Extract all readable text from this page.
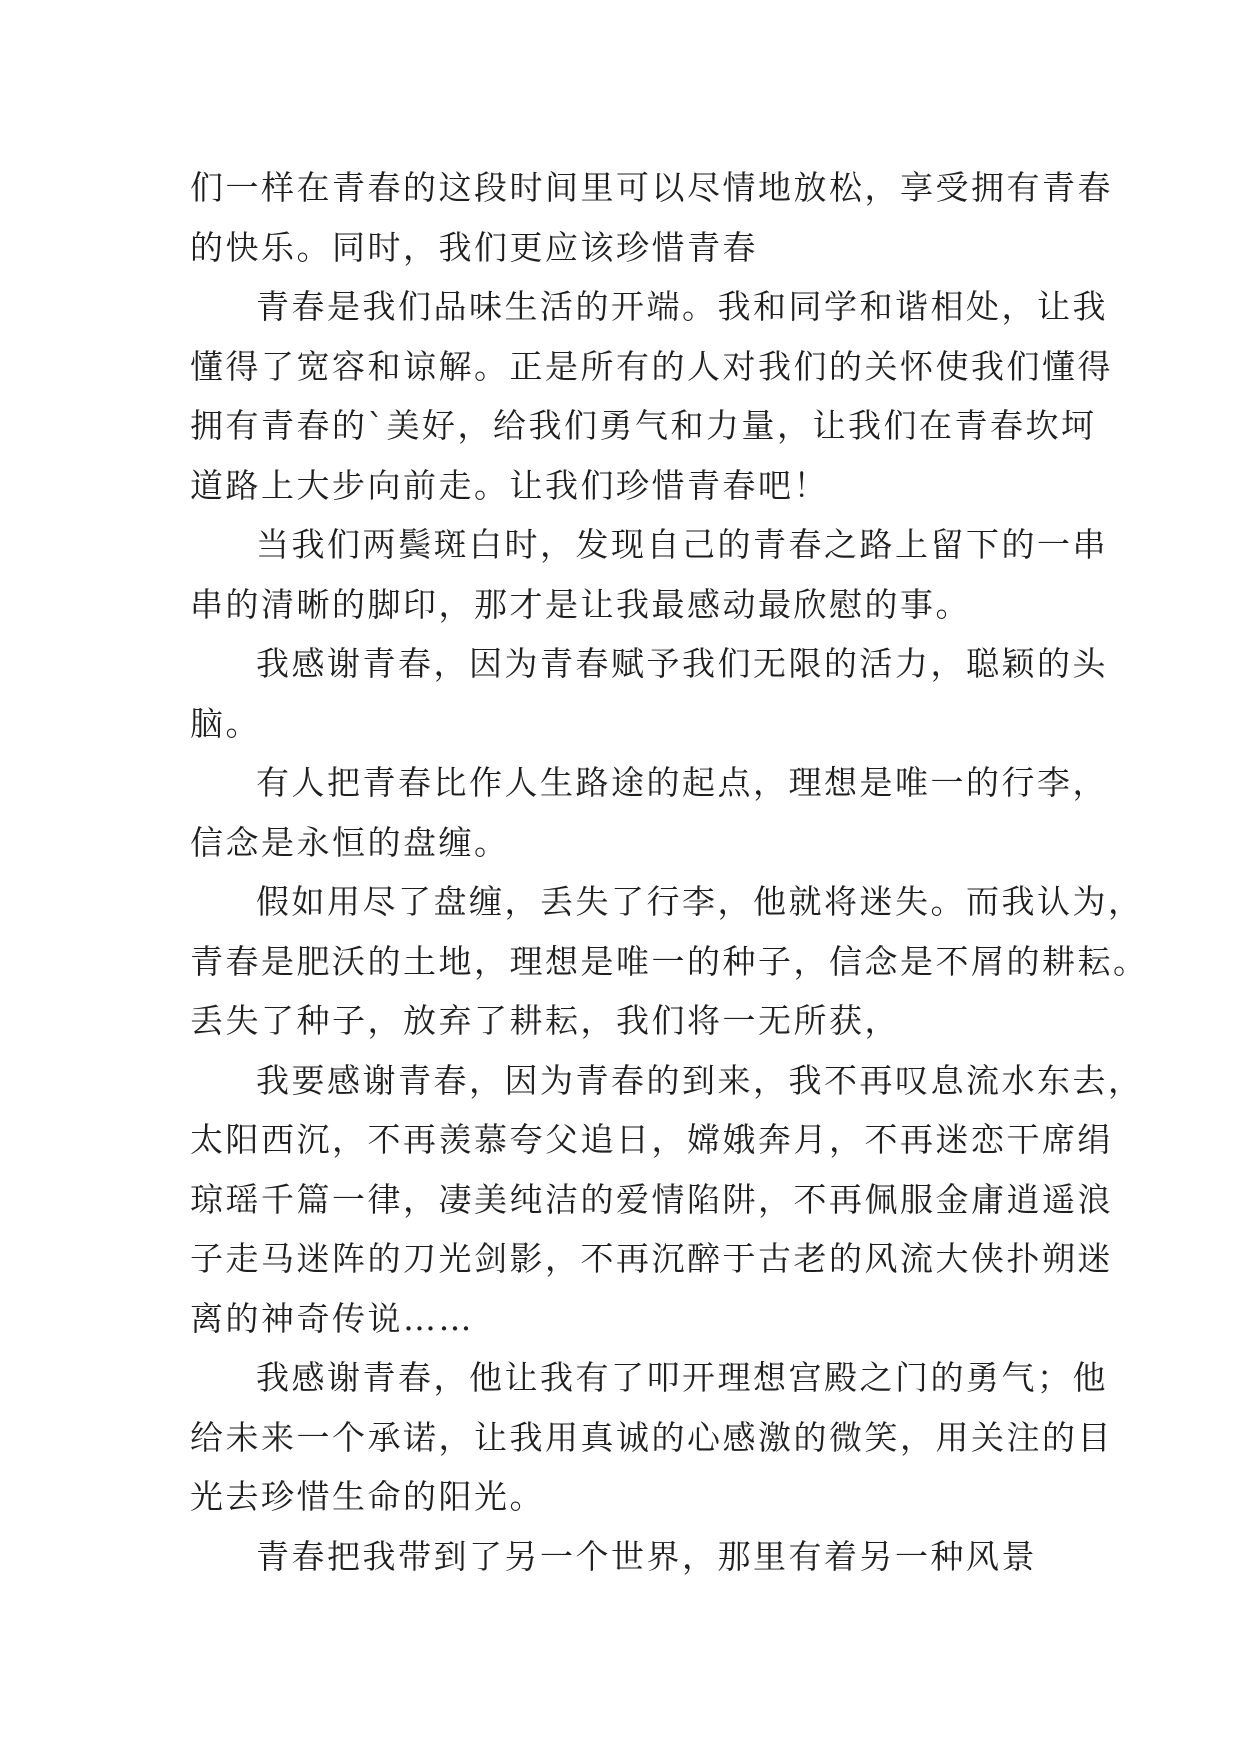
们一样在青春的这段时间里可以尽情地放松，享受拥有青春
的快乐。同时，我们更应该珍惜青春
青春是我们品味生活的开端。我和同学和谐相处，让我
懂得了宽容和谅解。正是所有的人对我们的关怀使我们懂得
拥有青春的`美好，给我们勇气和力量，让我们在青春坎坷
道路上大步向前走。让我们珍惜青春吧！
当我们两鬓斑白时，发现自己的青春之路上留下的一串
串的清晰的脚印，那才是让我最感动最欣慰的事。
我感谢青春，因为青春赋予我们无限的活力，聪颖的头
脑。
有人把青春比作人生路途的起点，理想是唯一的行李，
信念是永恒的盘缠。
假如用尽了盘缠，丢失了行李，他就将迷失。而我认为，
青春是肥沃的土地，理想是唯一的种子，信念是不屑的耕耘。
丢失了种子，放弃了耕耘，我们将一无所获，
我要感谢青春，因为青春的到来，我不再叹息流水东去，
太阳西沉，不再羡慕夸父追日，嫦娥奔月，不再迷恋干席绢
琼瑶千篇一律，凄美纯洁的爱情陷阱，不再佩服金庸逍遥浪
子走马迷阵的刀光剑影，不再沉醉于古老的风流大侠扑朔迷
离的神奇传说……
我感谢青春，他让我有了叩开理想宫殿之门的勇气；他
给未来一个承诺，让我用真诚的心感激的微笑，用关注的目
光去珍惜生命的阳光。
青春把我带到了另一个世界，那里有着另一种风景
